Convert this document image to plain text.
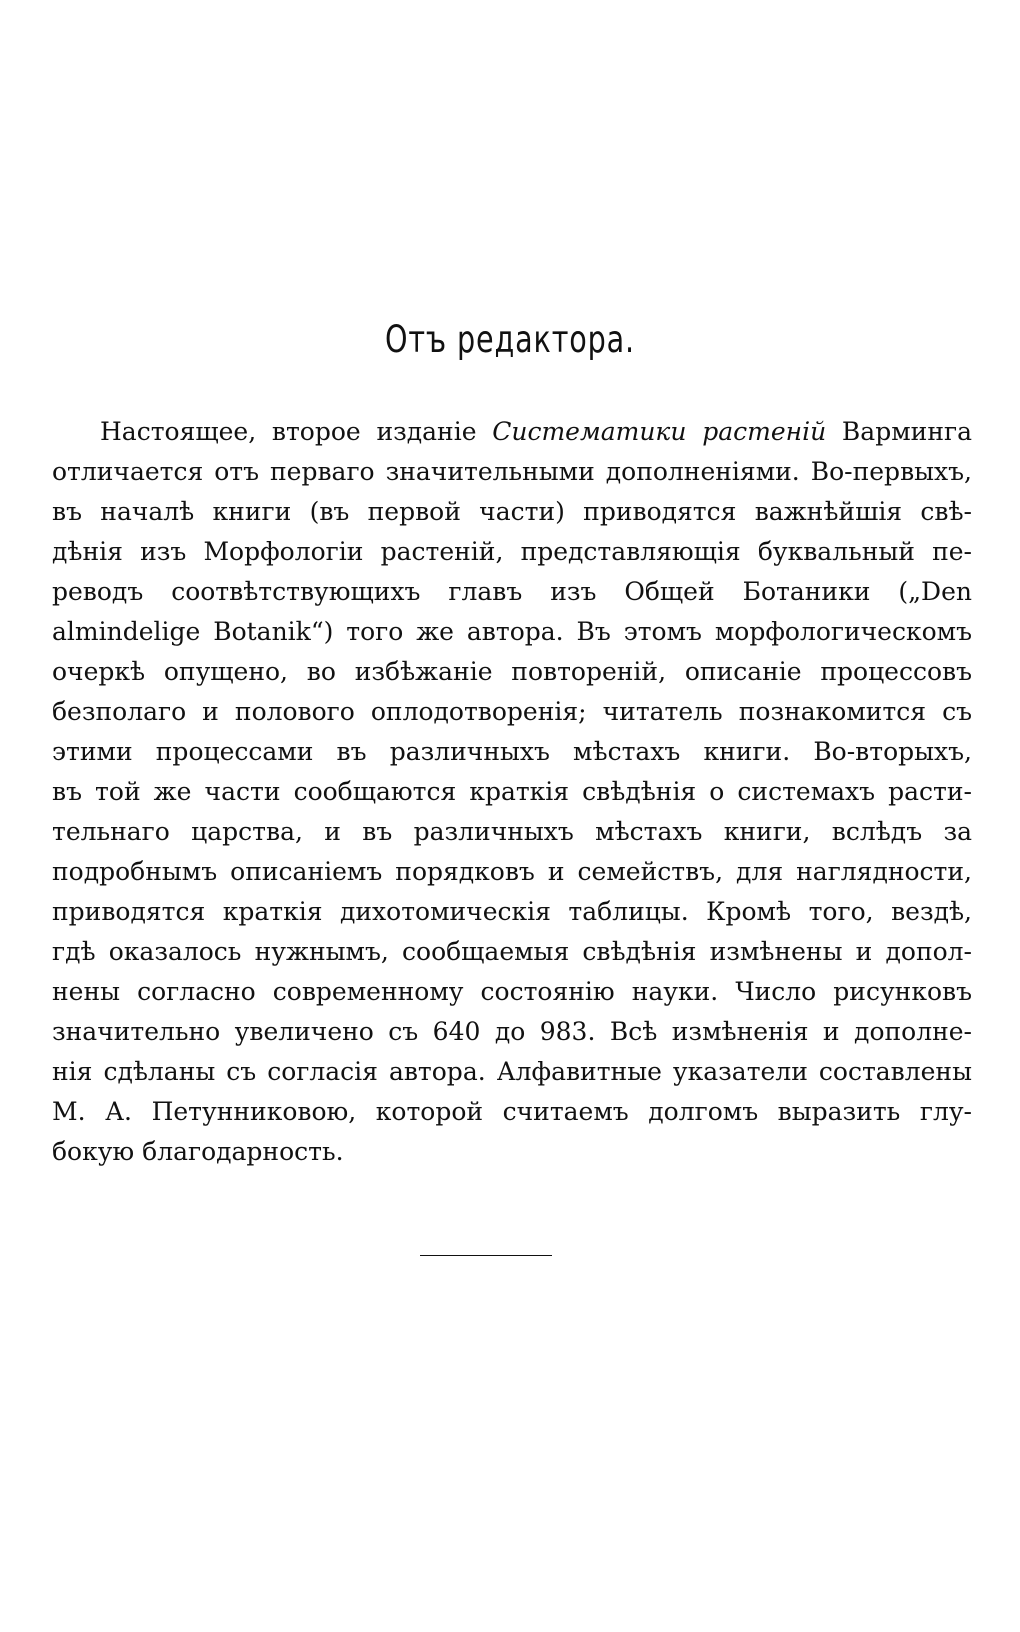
Отъ редактора.
Настоящее, второе изданіе Систематики растеній Варминга
отличается отъ перваго значительными дополненіями. Во-первыхъ,
въ началѣ книги (въ первой части) приводятся важнѣйшія свѣ-
дѣнія изъ Морфологіи растеній, представляющія буквальный пе-
реводъ соотвѣтствующихъ главъ изъ Общей Ботаники („Den
almindelige Botanik“) того же автора. Въ этомъ морфологическомъ
очеркѣ опущено, во избѣжаніе повтореній, описаніе процессовъ
безполаго и полового оплодотворенія; читатель познакомится съ
этими процессами въ различныхъ мѣстахъ книги. Во-вторыхъ,
въ той же части сообщаются краткія свѣдѣнія о системахъ расти-
тельнаго царства, и въ различныхъ мѣстахъ книги, вслѣдъ за
подробнымъ описаніемъ порядковъ и семействъ, для наглядности,
приводятся краткія дихотомическія таблицы. Кромѣ того, вездѣ,
гдѣ оказалось нужнымъ, сообщаемыя свѣдѣнія измѣнены и допол-
нены согласно современному состоянію науки. Число рисунковъ
значительно увеличено съ 640 до 983. Всѣ измѣненія и дополне-
нія сдѣланы съ согласія автора. Алфавитные указатели составлены
М. А. Петунниковою, которой считаемъ долгомъ выразить глу-
бокую благодарность.
